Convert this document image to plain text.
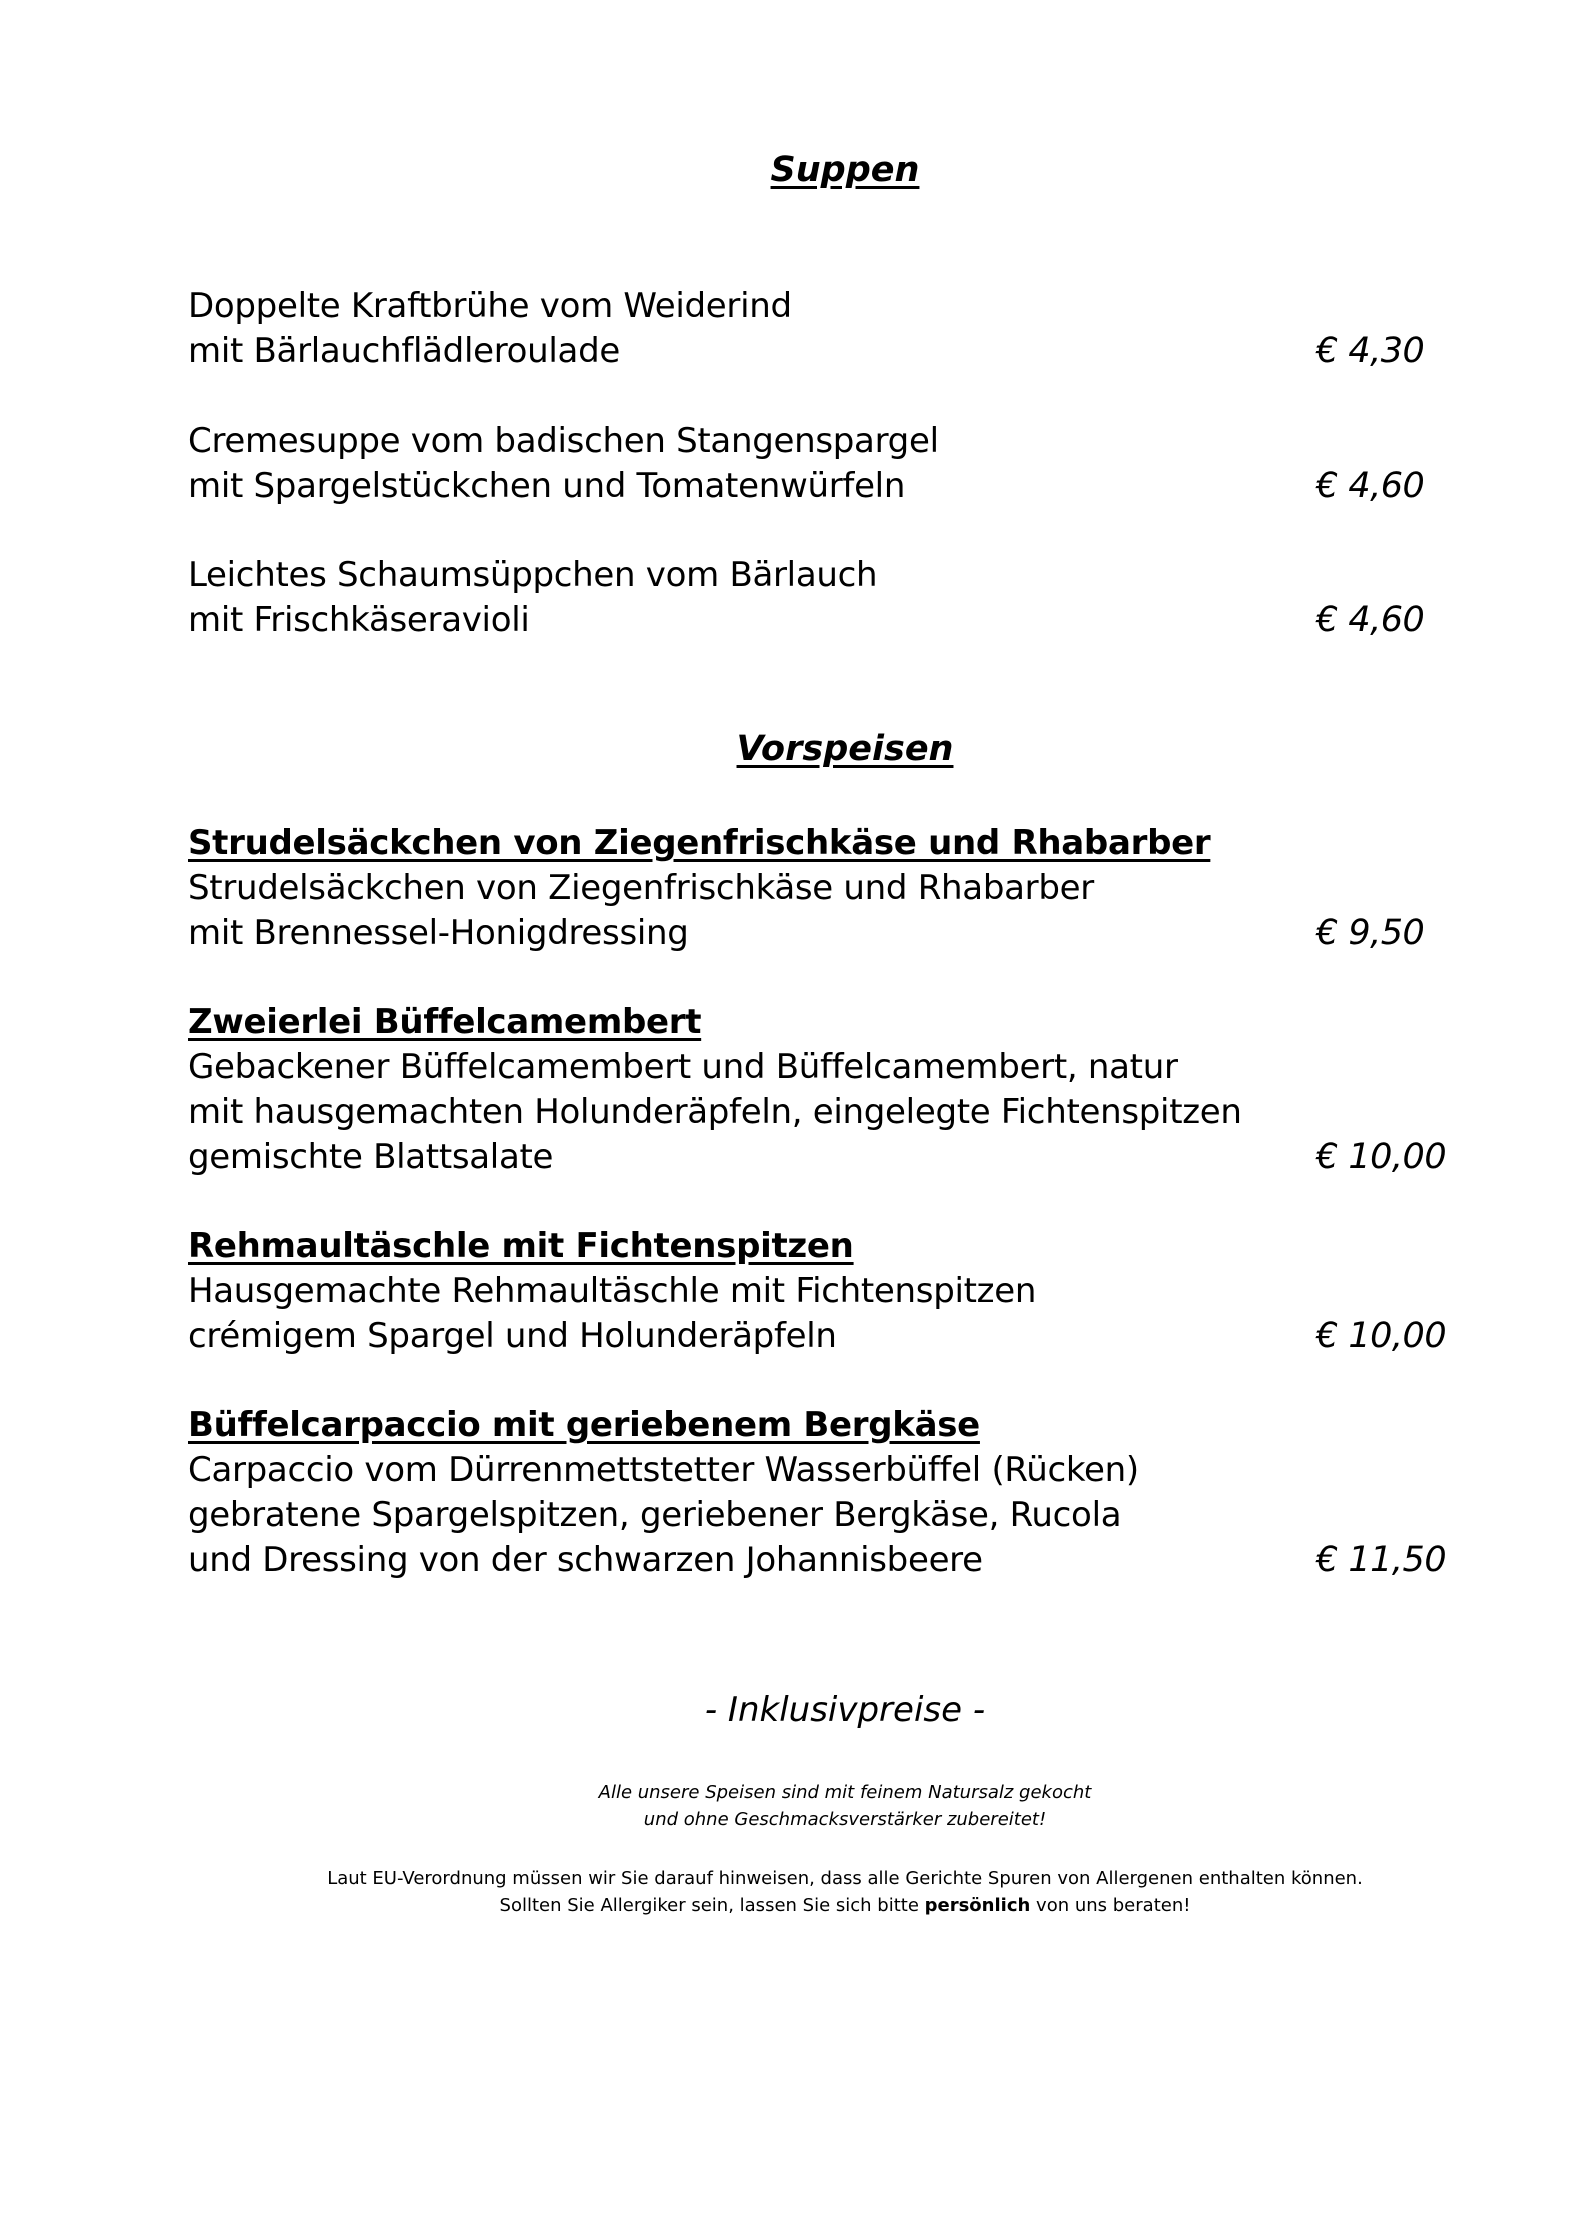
Suppen
Doppelte Kraftbrühe vom Weiderind
mit Bärlauchflädleroulade	€ 4,30
Cremesuppe vom badischen Stangenspargel
mit Spargelstückchen und Tomatenwürfeln	€ 4,60
Leichtes Schaumsüppchen vom Bärlauch
mit Frischkäseravioli	€ 4,60
Vorspeisen
Strudelsäckchen von Ziegenfrischkäse und Rhabarber
Strudelsäckchen von Ziegenfrischkäse und Rhabarber
mit Brennessel-Honigdressing	€ 9,50
Zweierlei Büffelcamembert
Gebackener Büffelcamembert und Büffelcamembert, natur
mit hausgemachten Holunderäpfeln, eingelegte Fichtenspitzen
gemischte Blattsalate	€ 10,00
Rehmaultäschle mit Fichtenspitzen
Hausgemachte Rehmaultäschle mit Fichtenspitzen
crémigem Spargel und Holunderäpfeln	€ 10,00
Büffelcarpaccio mit geriebenem Bergkäse
Carpaccio vom Dürrenmettstetter Wasserbüffel (Rücken)
gebratene Spargelspitzen, geriebener Bergkäse, Rucola
und Dressing von der schwarzen Johannisbeere	€ 11,50
- Inklusivpreise -
Alle unsere Speisen sind mit feinem Natursalz gekocht
und ohne Geschmacksverstärker zubereitet!
Laut EU-Verordnung müssen wir Sie darauf hinweisen, dass alle Gerichte Spuren von Allergenen enthalten können.
Sollten Sie Allergiker sein, lassen Sie sich bitte persönlich von uns beraten!
